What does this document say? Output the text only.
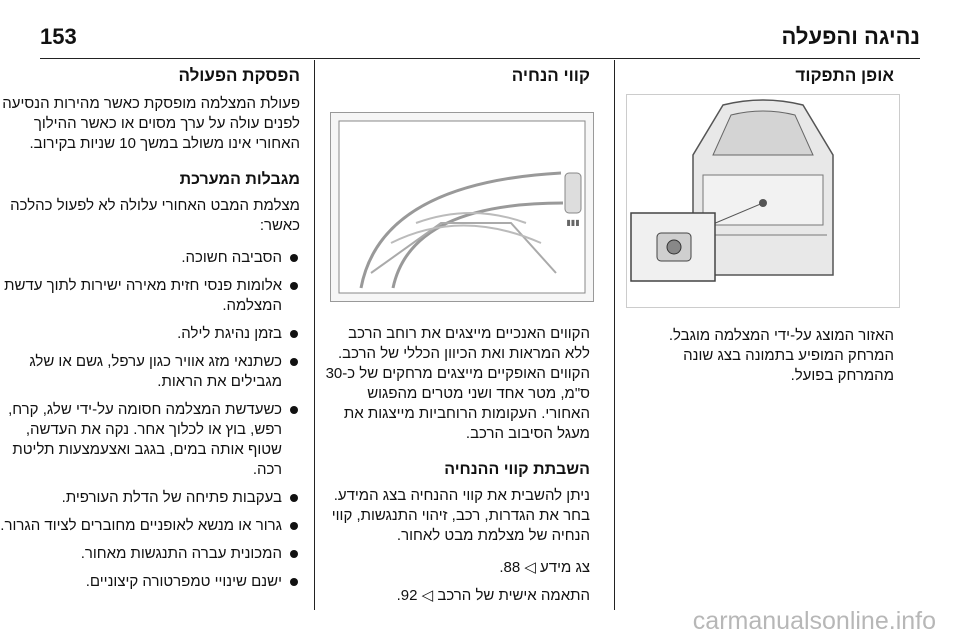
153	נהיגה והפעלה
הפסקת הפעולה

פעולת המצלמה מופסקת כאשר מהירות הנסיעה לפנים עולה על ערך מסוים או כאשר ההילוך האחורי אינו משולב במשך 10 שניות בקירוב.

מגבלות המערכת

מצלמת המבט האחורי עלולה לא לפעול כהלכה כאשר:

הסביבה חשוכה.
אלומות פנסי חזית מאירה ישירות לתוך עדשת המצלמה.
בזמן נהיגת לילה.
כשתנאי מזג אוויר כגון ערפל, גשם או שלג מגבילים את הראות.
כשעדשת המצלמה חסומה על-ידי שלג, קרח, רפש, בוץ או לכלוך אחר. נקה את העדשה, שטוף אותה במים, בגגב ואצעמצעות תליטת רכה.
בעקבות פתיחה של הדלת העורפית.
גרור או מנשא לאופניים מחוברים לציוד הגרור.
המכונית עברה התנגשות מאחור.
ישנם שינויי טמפרטורה קיצוניים.
קווי הנחיה

הקווים האנכיים מייצגים את רוחב הרכב ללא המראות ואת הכיוון הכללי של הרכב. הקווים האופקיים מייצגים מרחקים של כ-30 ס"מ, מטר אחד ושני מטרים מהפגוש האחורי. העקומות הרוחביות מייצגות את מעגל הסיבוב הרכב.

השבתת קווי ההנחיה

ניתן להשבית את קווי ההנחיה בצג המידע. בחר את הגדרות, רכב, זיהוי התנגשות, קווי הנחיה של מצלמת מבט לאחור.

צג מידע ◁ 88.

התאמה אישית של הרכב ◁ 92.

▮▮▮
אופן התפקוד

האזור המוצג על-ידי המצלמה מוגבל. המרחק המופיע בתמונה בצג שונה מהמרחק בפועל.

carmanualsonline.info
